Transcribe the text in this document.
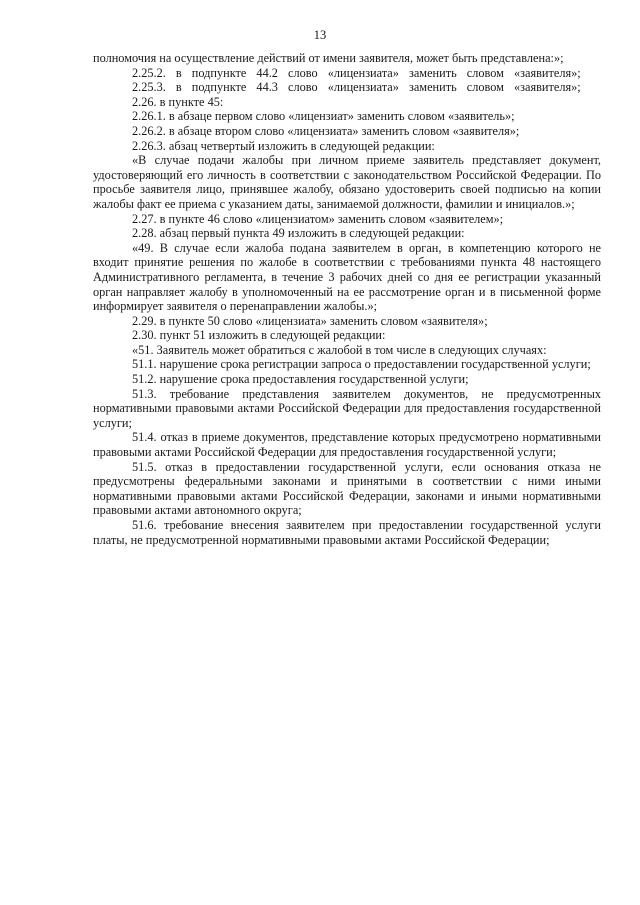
13

полномочия на осуществление действий от имени заявителя, может быть представлена:»;

2.25.2. в подпункте 44.2 слово «лицензиата» заменить словом «заявителя»;

2.25.3. в подпункте 44.3 слово «лицензиата» заменить словом «заявителя»;

2.26. в пункте 45:

2.26.1. в абзаце первом слово «лицензиат» заменить словом «заявитель»;

2.26.2. в абзаце втором слово «лицензиата» заменить словом «заявителя»;

2.26.3. абзац четвертый изложить в следующей редакции:

«В случае подачи жалобы при личном приеме заявитель представляет документ, удостоверяющий его личность в соответствии с законодательством Российской Федерации. По просьбе заявителя лицо, принявшее жалобу, обязано удостоверить своей подписью на копии жалобы факт ее приема с указанием даты, занимаемой должности, фамилии и инициалов.»;

2.27. в пункте 46 слово «лицензиатом» заменить словом «заявителем»;

2.28. абзац первый пункта 49 изложить в следующей редакции:

«49. В случае если жалоба подана заявителем в орган, в компетенцию которого не входит принятие решения по жалобе в соответствии с требованиями пункта 48 настоящего Административного регламента, в течение 3 рабочих дней со дня ее регистрации указанный орган направляет жалобу в уполномоченный на ее рассмотрение орган и в письменной форме информирует заявителя о перенаправлении жалобы.»;

2.29. в пункте 50 слово «лицензиата» заменить словом «заявителя»;

2.30. пункт 51 изложить в следующей редакции:

«51. Заявитель может обратиться с жалобой в том числе в следующих случаях:

51.1. нарушение срока регистрации запроса о предоставлении государственной услуги;

51.2. нарушение срока предоставления государственной услуги;

51.3. требование представления заявителем документов, не предусмотренных нормативными правовыми актами Российской Федерации для предоставления государственной услуги;

51.4. отказ в приеме документов, представление которых предусмотрено нормативными правовыми актами Российской Федерации для предоставления государственной услуги;

51.5. отказ в предоставлении государственной услуги, если основания отказа не предусмотрены федеральными законами и принятыми в соответствии с ними иными нормативными правовыми актами Российской Федерации, законами и иными нормативными правовыми актами автономного округа;

51.6. требование внесения заявителем при предоставлении государственной услуги платы, не предусмотренной нормативными правовыми актами Российской Федерации;
